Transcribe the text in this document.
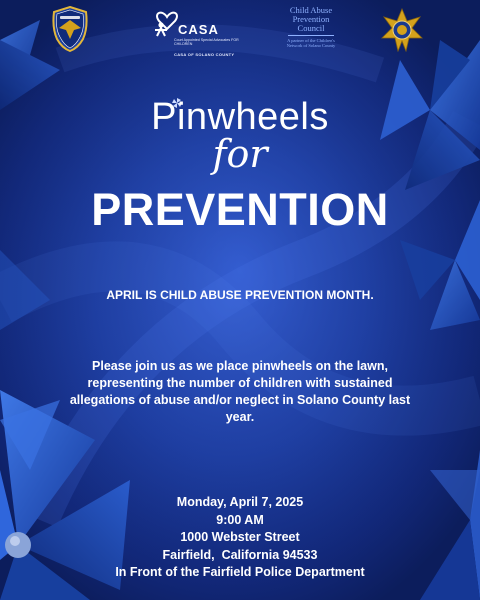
CASA
Court Appointed Special Advocates FOR CHILDREN
CASA OF SOLANO COUNTY
Child Abuse Prevention Council
A partner of the Children's Network of Solano County
Pinwheels
for
PREVENTION
APRIL IS CHILD ABUSE PREVENTION MONTH.
Please join us as we place pinwheels on the lawn, representing the number of children with sustained allegations of abuse and/or neglect in Solano County last year.
Monday, April 7, 2025
9:00 AM
1000 Webster Street
Fairfield,  California 94533
In Front of the Fairfield Police Department
